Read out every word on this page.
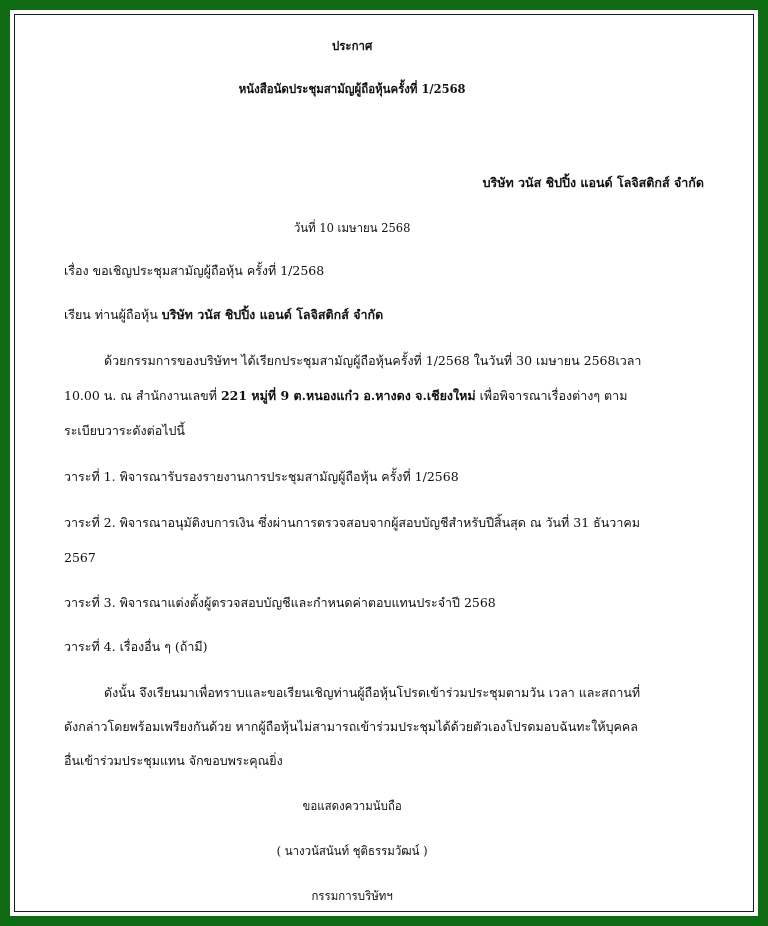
ประกาศ
หนังสือนัดประชุมสามัญผู้ถือหุ้นครั้งที่ 1/2568
บริษัท วนัส ชิปปิ้ง แอนด์ โลจิสติกส์ จำกัด
วันที่ 10 เมษายน 2568
เรื่อง ขอเชิญประชุมสามัญผู้ถือหุ้น ครั้งที่ 1/2568
เรียน ท่านผู้ถือหุ้น บริษัท วนัส ชิปปิ้ง แอนด์ โลจิสติกส์ จำกัด
ด้วยกรรมการของบริษัทฯ ได้เรียกประชุมสามัญผู้ถือหุ้นครั้งที่ 1/2568 ในวันที่ 30 เมษายน 2568เวลา
10.00 น. ณ สำนักงานเลขที่ 221 หมู่ที่ 9 ต.หนองแก๋ว อ.หางดง จ.เชียงใหม่ เพื่อพิจารณาเรื่องต่างๆ ตาม
ระเบียบวาระดังต่อไปนี้
วาระที่ 1. พิจารณารับรองรายงานการประชุมสามัญผู้ถือหุ้น ครั้งที่ 1/2568
วาระที่ 2. พิจารณาอนุมัติงบการเงิน ซึ่งผ่านการตรวจสอบจากผู้สอบบัญชีสำหรับปีสิ้นสุด ณ วันที่ 31 ธันวาคม
2567
วาระที่ 3. พิจารณาแต่งตั้งผู้ตรวจสอบบัญชีและกำหนดค่าตอบแทนประจำปี 2568
วาระที่ 4. เรื่องอื่น ๆ (ถ้ามี)
ดังนั้น จึงเรียนมาเพื่อทราบและขอเรียนเชิญท่านผู้ถือหุ้นโปรดเข้าร่วมประชุมตามวัน เวลา และสถานที่
ดังกล่าวโดยพร้อมเพรียงกันด้วย หากผู้ถือหุ้นไม่สามารถเข้าร่วมประชุมได้ด้วยตัวเองโปรดมอบฉันทะให้บุคคล
อื่นเข้าร่วมประชุมแทน จักขอบพระคุณยิ่ง
ขอแสดงความนับถือ
( นางวนัสนันท์ ชุติธรรมวัฒน์ )
กรรมการบริษัทฯ
